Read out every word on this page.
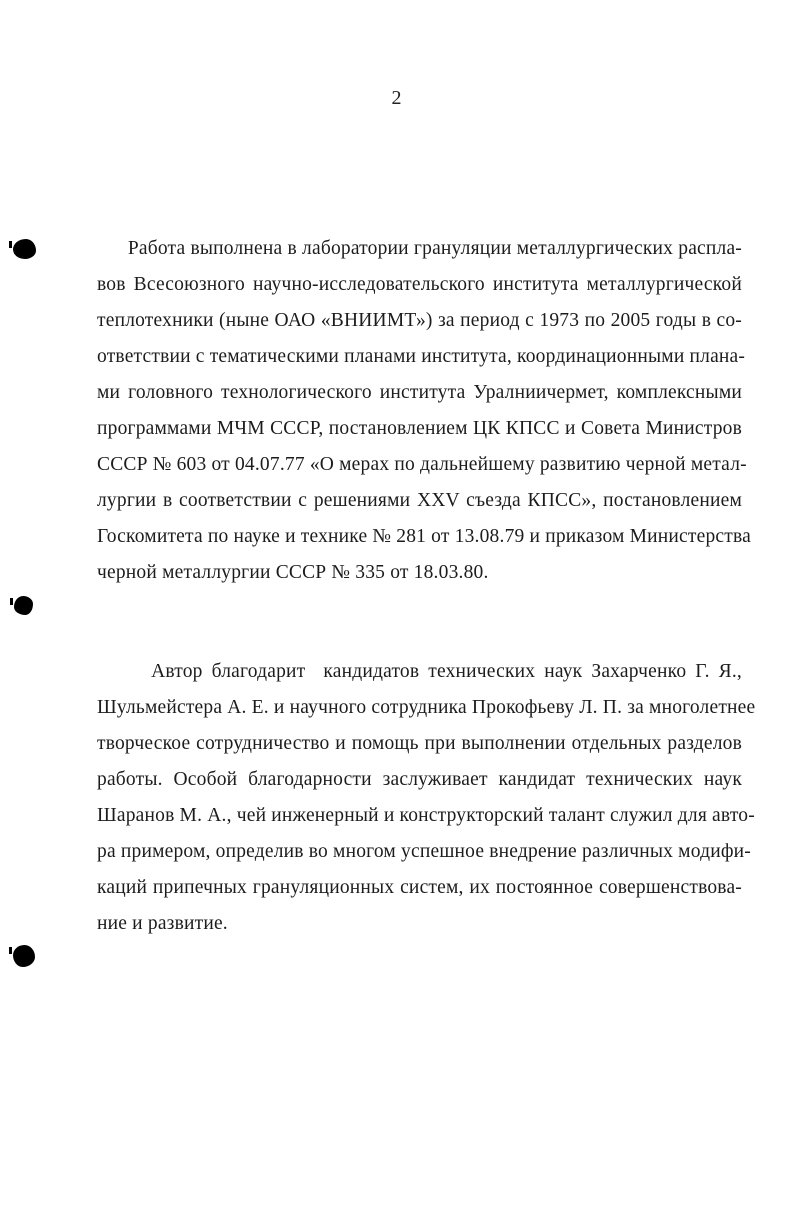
2
Работа выполнена в лаборатории грануляции металлургических распла-
вов Всесоюзного научно-исследовательского института металлургической
теплотехники (ныне ОАО «ВНИИМТ») за период с 1973 по 2005 годы в со-
ответствии с тематическими планами института, координационными плана-
ми головного технологического института Уралниичермет, комплексными
программами МЧМ СССР, постановлением ЦК КПСС и Совета Министров
СССР № 603 от 04.07.77 «О мерах по дальнейшему развитию черной метал-
лургии в соответствии с решениями XXV съезда КПСС», постановлением
Госкомитета по науке и технике № 281 от 13.08.79 и приказом Министерства
черной металлургии СССР № 335 от 18.03.80.
Автор благодарит  кандидатов технических наук Захарченко Г. Я.,
Шульмейстера А. Е. и научного сотрудника Прокофьеву Л. П. за многолетнее
творческое сотрудничество и помощь при выполнении отдельных разделов
работы. Особой благодарности заслуживает кандидат технических наук
Шаранов М. А., чей инженерный и конструкторский талант служил для авто-
ра примером, определив во многом успешное внедрение различных модифи-
каций припечных грануляционных систем, их постоянное совершенствова-
ние и развитие.
